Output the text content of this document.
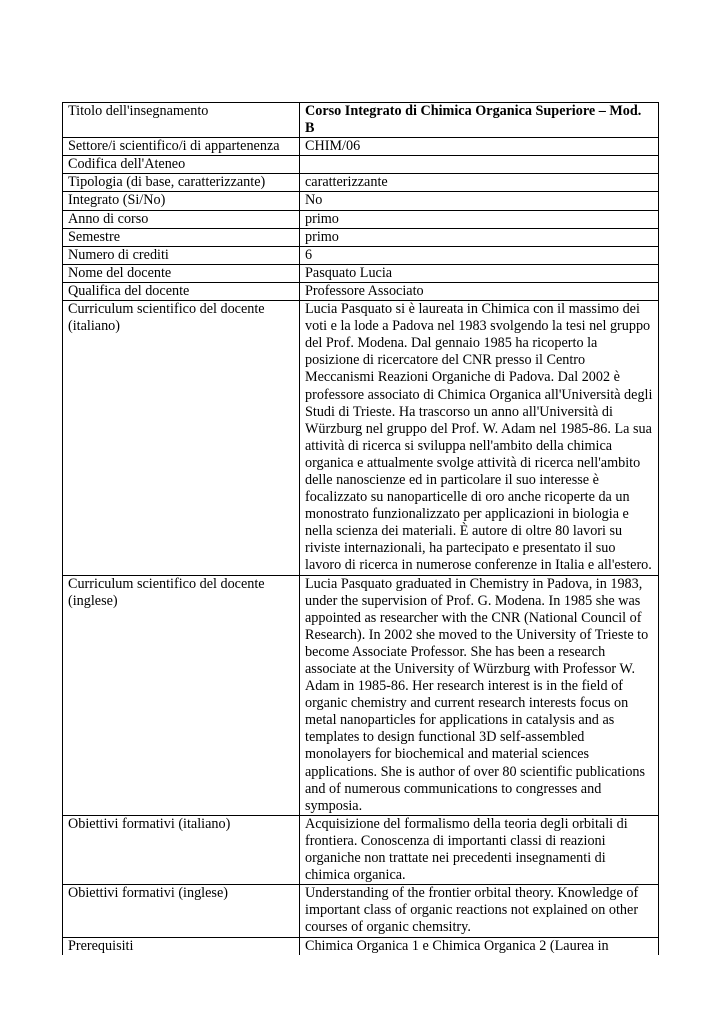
Titolo dell'insegnamento	Corso Integrato di Chimica Organica Superiore – Mod. B
Settore/i scientifico/i di appartenenza	CHIM/06
Codifica dell'Ateneo	
Tipologia (di base, caratterizzante)	caratterizzante
Integrato (Si/No)	No
Anno di corso	primo
Semestre	primo
Numero di crediti	6
Nome del docente	Pasquato Lucia
Qualifica del docente	Professore Associato
Curriculum scientifico del docente (italiano)	Lucia Pasquato si è laureata in Chimica con il massimo dei voti e la lode a Padova nel 1983 svolgendo la tesi nel gruppo del Prof. Modena. Dal gennaio 1985 ha ricoperto la posizione di ricercatore del CNR presso il Centro Meccanismi Reazioni Organiche di Padova. Dal 2002 è professore associato di Chimica Organica all'Università degli Studi di Trieste. Ha trascorso un anno all'Università di Würzburg nel gruppo del Prof. W. Adam nel 1985-86. La sua attività di ricerca si sviluppa nell'ambito della chimica organica e attualmente svolge attività di ricerca nell'ambito delle nanoscienze ed in particolare il suo interesse è focalizzato su nanoparticelle di oro anche ricoperte da un monostrato funzionalizzato per applicazioni in biologia e nella scienza dei materiali. È autore di oltre 80 lavori su riviste internazionali, ha partecipato e presentato il suo lavoro di ricerca in numerose conferenze in Italia e all'estero.
Curriculum scientifico del docente (inglese)	Lucia Pasquato graduated in Chemistry in Padova, in 1983, under the supervision of Prof. G. Modena. In 1985 she was appointed as researcher with the CNR (National Council of Research). In 2002 she moved to the University of Trieste to become Associate Professor. She has been a research associate at the University of Würzburg with Professor W. Adam in 1985-86. Her research interest is in the field of organic chemistry and current research interests focus on metal nanoparticles for applications in catalysis and as templates to design functional 3D self-assembled monolayers for biochemical and material sciences applications. She is author of over 80 scientific publications and of numerous communications to congresses and symposia.
Obiettivi formativi (italiano)	Acquisizione del formalismo della teoria degli orbitali di frontiera. Conoscenza di importanti classi di reazioni organiche non trattate nei precedenti insegnamenti di chimica organica.
Obiettivi formativi (inglese)	Understanding of the frontier orbital theory. Knowledge of important class of organic reactions not explained on other courses of organic chemsitry.
Prerequisiti	Chimica Organica 1 e Chimica Organica 2 (Laurea in
